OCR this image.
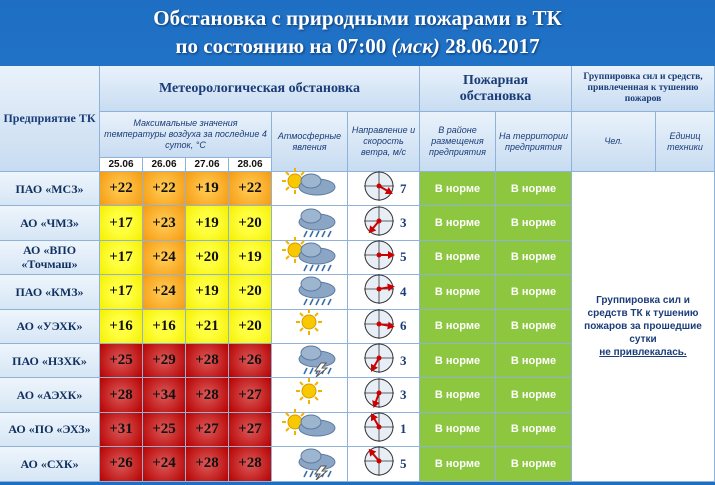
Обстановка с природными пожарами в ТК
по состоянию на 07:00 (мск) 28.06.2017
Предприятие ТК
Метеорологическая обстановка
Пожарная обстановка
Группировка сил и средств, привлеченная к тушению пожаров
Максимальные значения температуры воздуха за последние 4 суток, °С
Атмосферные явления
Направление и скорость ветра, м/с
В районе размещения предприятия
На территории предприятия
Чел.
Единиц техники
25.06	26.06	27.06	28.06
ПАО «МСЗ»	+22	+22	+19	+22	7	В норме	В норме
АО «ЧМЗ»	+17	+23	+19	+20	3	В норме	В норме
АО «ВПО «Точмаш»	+17	+24	+20	+19	5	В норме	В норме
ПАО «КМЗ»	+17	+24	+19	+20	4	В норме	В норме
АО «УЭХК»	+16	+16	+21	+20	6	В норме	В норме
ПАО «НЗХК»	+25	+29	+28	+26	3	В норме	В норме
АО «АЭХК»	+28	+34	+28	+27	3	В норме	В норме
АО «ПО «ЭХЗ»	+31	+25	+27	+27	1	В норме	В норме
АО «СХК»	+26	+24	+28	+28	5	В норме	В норме
Группировка сил и
средств ТК к тушению
пожаров за прошедшие
сутки
не привлекалась.
